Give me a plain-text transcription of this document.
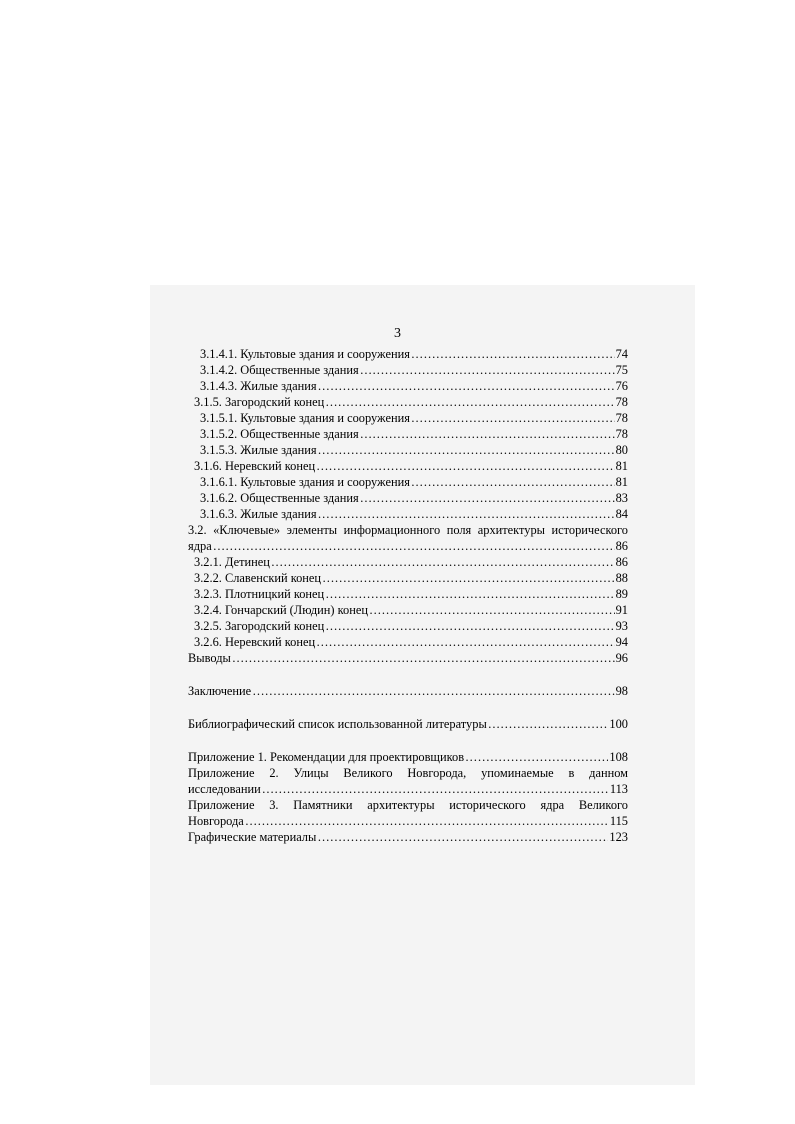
3
3.1.4.1. Культовые здания и сооружения ……………………………………………………………………………………………………………………………………………………………………………	74
3.1.4.2. Общественные здания ……………………………………………………………………………………………………………………………………………………………………………	75
3.1.4.3. Жилые здания ……………………………………………………………………………………………………………………………………………………………………………	76
3.1.5. Загородский конец ……………………………………………………………………………………………………………………………………………………………………………	78
3.1.5.1. Культовые здания и сооружения ……………………………………………………………………………………………………………………………………………………………………………	78
3.1.5.2. Общественные здания ……………………………………………………………………………………………………………………………………………………………………………	78
3.1.5.3. Жилые здания ……………………………………………………………………………………………………………………………………………………………………………	80
3.1.6. Неревский конец ……………………………………………………………………………………………………………………………………………………………………………	81
3.1.6.1. Культовые здания и сооружения ……………………………………………………………………………………………………………………………………………………………………………	81
3.1.6.2. Общественные здания ……………………………………………………………………………………………………………………………………………………………………………	83
3.1.6.3. Жилые здания ……………………………………………………………………………………………………………………………………………………………………………	84
3.2. «Ключевые» элементы информационного поля архитектуры исторического
ядра ……………………………………………………………………………………………………………………………………………………………………………	86
3.2.1. Детинец ……………………………………………………………………………………………………………………………………………………………………………	86
3.2.2. Славенский конец ……………………………………………………………………………………………………………………………………………………………………………	88
3.2.3. Плотницкий конец ……………………………………………………………………………………………………………………………………………………………………………	89
3.2.4. Гончарский (Людин) конец ……………………………………………………………………………………………………………………………………………………………………………	91
3.2.5. Загородский конец ……………………………………………………………………………………………………………………………………………………………………………	93
3.2.6. Неревский конец ……………………………………………………………………………………………………………………………………………………………………………	94
Выводы ……………………………………………………………………………………………………………………………………………………………………………	96
Заключение ……………………………………………………………………………………………………………………………………………………………………………	98
Библиографический список использованной литературы ……………………………………………………………………………………………………………………………………………………………………………	100
Приложение 1. Рекомендации для проектировщиков ……………………………………………………………………………………………………………………………………………………………………………	108
Приложение 2. Улицы Великого Новгорода, упоминаемые в данном
исследовании ……………………………………………………………………………………………………………………………………………………………………………	113
Приложение 3. Памятники архитектуры исторического ядра Великого
Новгорода ……………………………………………………………………………………………………………………………………………………………………………	115
Графические материалы ……………………………………………………………………………………………………………………………………………………………………………	123
